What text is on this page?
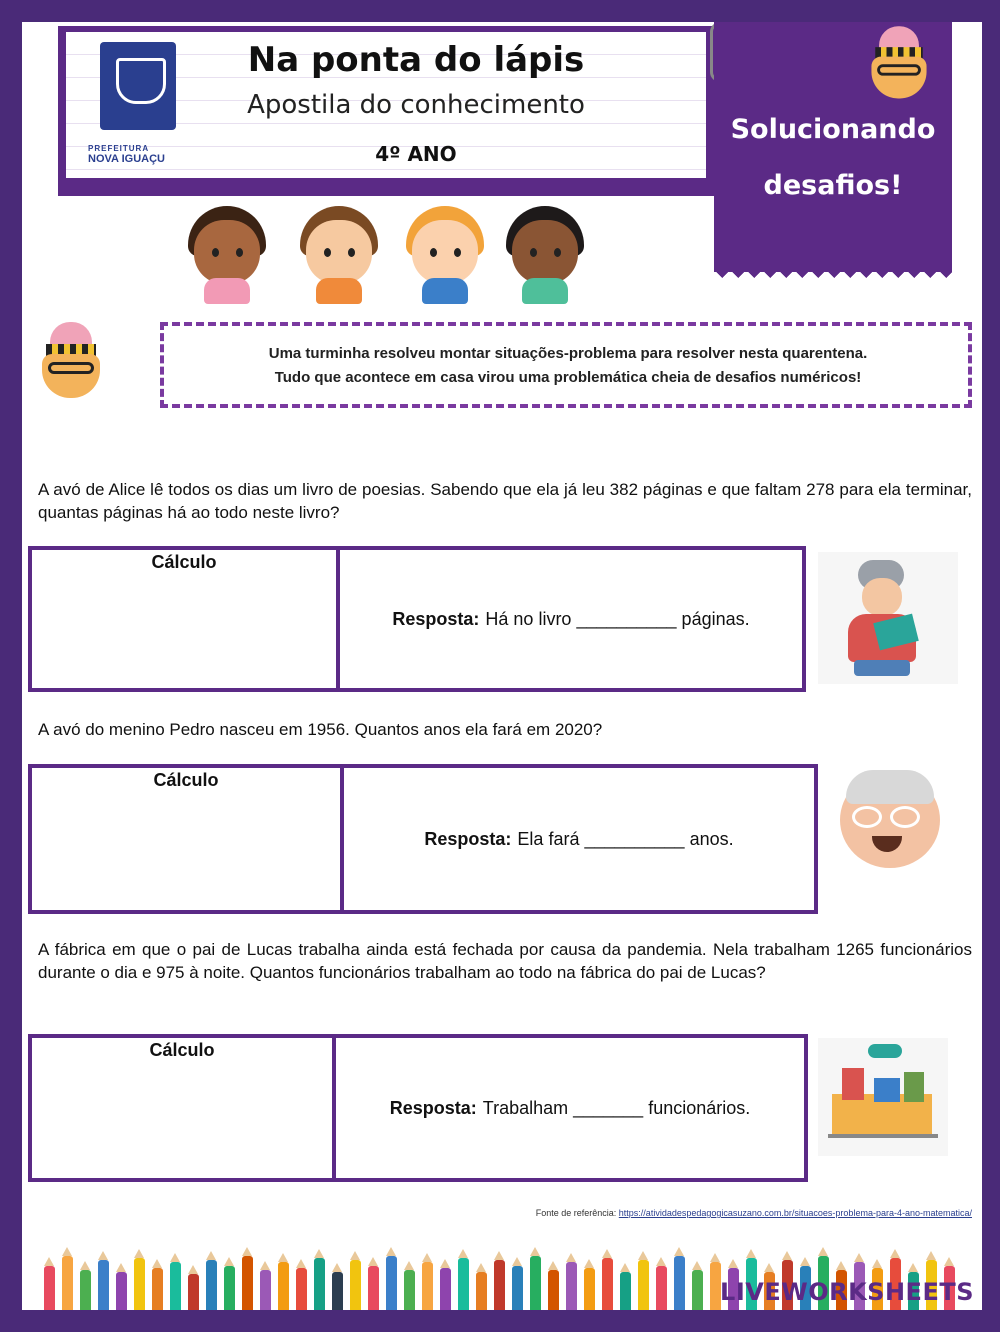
PREFEITURA
NOVA IGUAÇU
Na ponta do lápis
Apostila do conhecimento
4º ANO
Solucionando
desafios!
Uma turminha resolveu montar situações-problema para resolver nesta quarentena.
Tudo que acontece em casa virou uma problemática cheia de desafios numéricos!
A avó de Alice lê todos os dias um livro de poesias. Sabendo que ela já leu 382 páginas e que faltam 278 para ela terminar, quantas páginas há ao todo neste livro?
Cálculo
Resposta: Há no livro __________ páginas.
A avó do menino Pedro nasceu em 1956. Quantos anos ela fará em 2020?
Cálculo
Resposta: Ela fará __________ anos.
A fábrica em que o pai de Lucas trabalha ainda está fechada por causa da pandemia. Nela trabalham 1265 funcionários durante o dia e 975 à noite. Quantos funcionários trabalham ao todo na fábrica do pai de Lucas?
Cálculo
Resposta: Trabalham _______ funcionários.
Fonte de referência: https://atividadespedagogicasuzano.com.br/situacoes-problema-para-4-ano-matematica/
LIVEWORKSHEETS
